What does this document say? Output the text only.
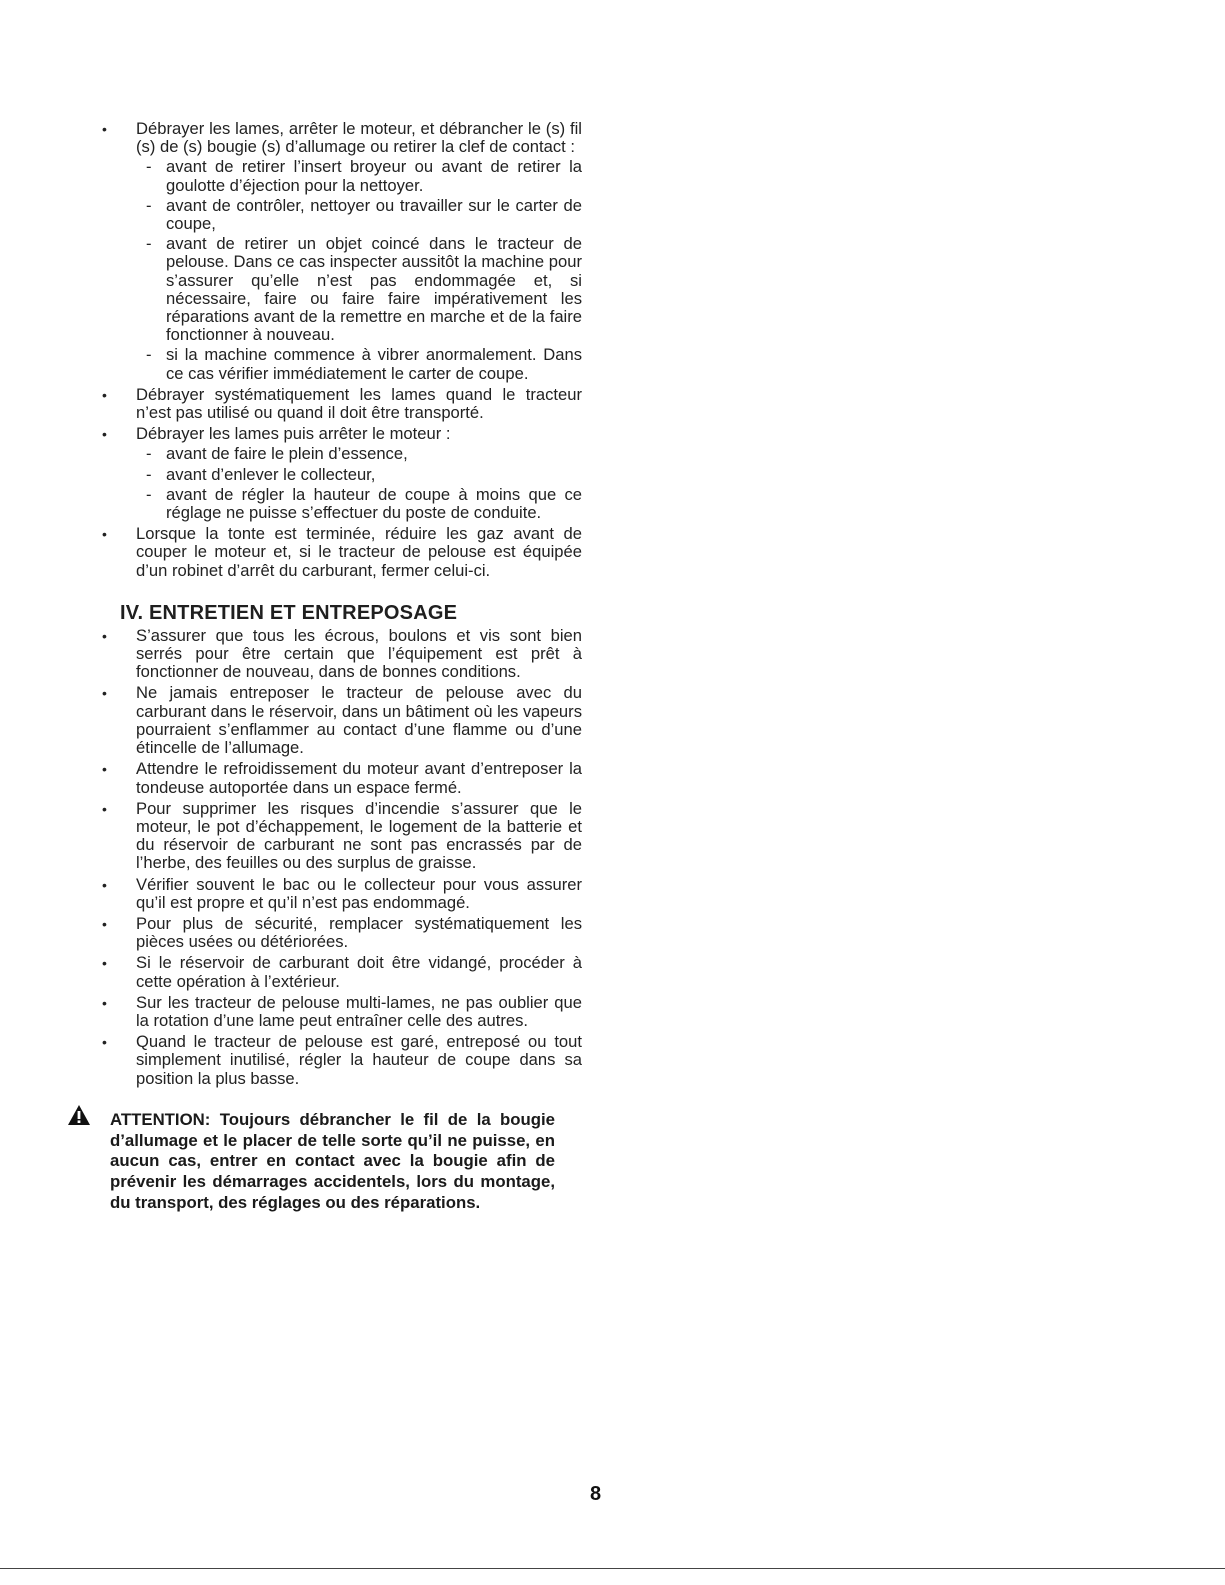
•	Débrayer les lames, arrêter le moteur, et débrancher le (s) fil (s) de (s) bougie (s) d’allumage ou retirer la clef de contact :
- avant de retirer l’insert broyeur ou avant de retirer la goulotte d’éjection pour la nettoyer.
- avant de contrôler, nettoyer ou travailler sur le carter de coupe,
- avant de retirer un objet coincé dans le tracteur de pelouse. Dans ce cas inspecter aussitôt la machine pour s’assurer qu’elle n’est pas endommagée et, si nécessaire, faire ou faire faire impérativement les réparations avant de la remettre en marche et de la faire fonctionner à nouveau.
- si la machine commence à vibrer anormalement. Dans ce cas vérifier immédiatement le carter de coupe.
•	Débrayer systématiquement les lames quand le tracteur n’est pas utilisé ou quand il doit être transporté.
•	Débrayer les lames puis arrêter le moteur :
- avant de faire le plein d’essence,
- avant d’enlever le collecteur,
- avant de régler la hauteur de coupe à moins que ce réglage ne puisse s’effectuer du poste de conduite.
•	Lorsque la tonte est terminée, réduire les gaz avant de couper le moteur et, si le tracteur de pelouse est équipée d’un robinet d’arrêt du carburant, fermer celui-ci.
IV. ENTRETIEN ET ENTREPOSAGE
•	S’assurer que tous les écrous, boulons et vis sont bien serrés pour être certain que l’équipement est prêt à fonctionner de nouveau, dans de bonnes conditions.
•	Ne jamais entreposer le tracteur de pelouse avec du carburant dans le réservoir, dans un bâtiment où les vapeurs pourraient s’enflammer au contact d’une flamme ou d’une étincelle de l’allumage.
•	Attendre le refroidissement du moteur avant d’entreposer la tondeuse autoportée dans un espace fermé.
•	Pour supprimer les risques d’incendie s’assurer que le moteur, le pot d’échappement, le logement de la batterie et du réservoir de carburant ne sont pas encrassés par de l’herbe, des feuilles ou des surplus de graisse.
•	Vérifier souvent le bac ou le collecteur pour vous assurer qu’il est propre et qu’il n’est pas endommagé.
•	Pour plus de sécurité, remplacer systématiquement les pièces usées ou détériorées.
•	Si le réservoir de carburant doit être vidangé, procéder à cette opération à l’extérieur.
•	Sur les tracteur de pelouse multi-lames, ne pas oublier que la rotation d’une lame peut entraîner celle des autres.
•	Quand le tracteur de pelouse est garé, entreposé ou tout simplement inutilisé, régler la hauteur de coupe dans sa position la plus basse.
ATTENTION: Toujours débrancher le fil de la bougie d’allumage et le placer de telle sorte qu’il ne puisse, en aucun cas, entrer en contact avec la bougie afin de prévenir les démarrages accidentels, lors du montage, du transport, des réglages ou des réparations.
8
